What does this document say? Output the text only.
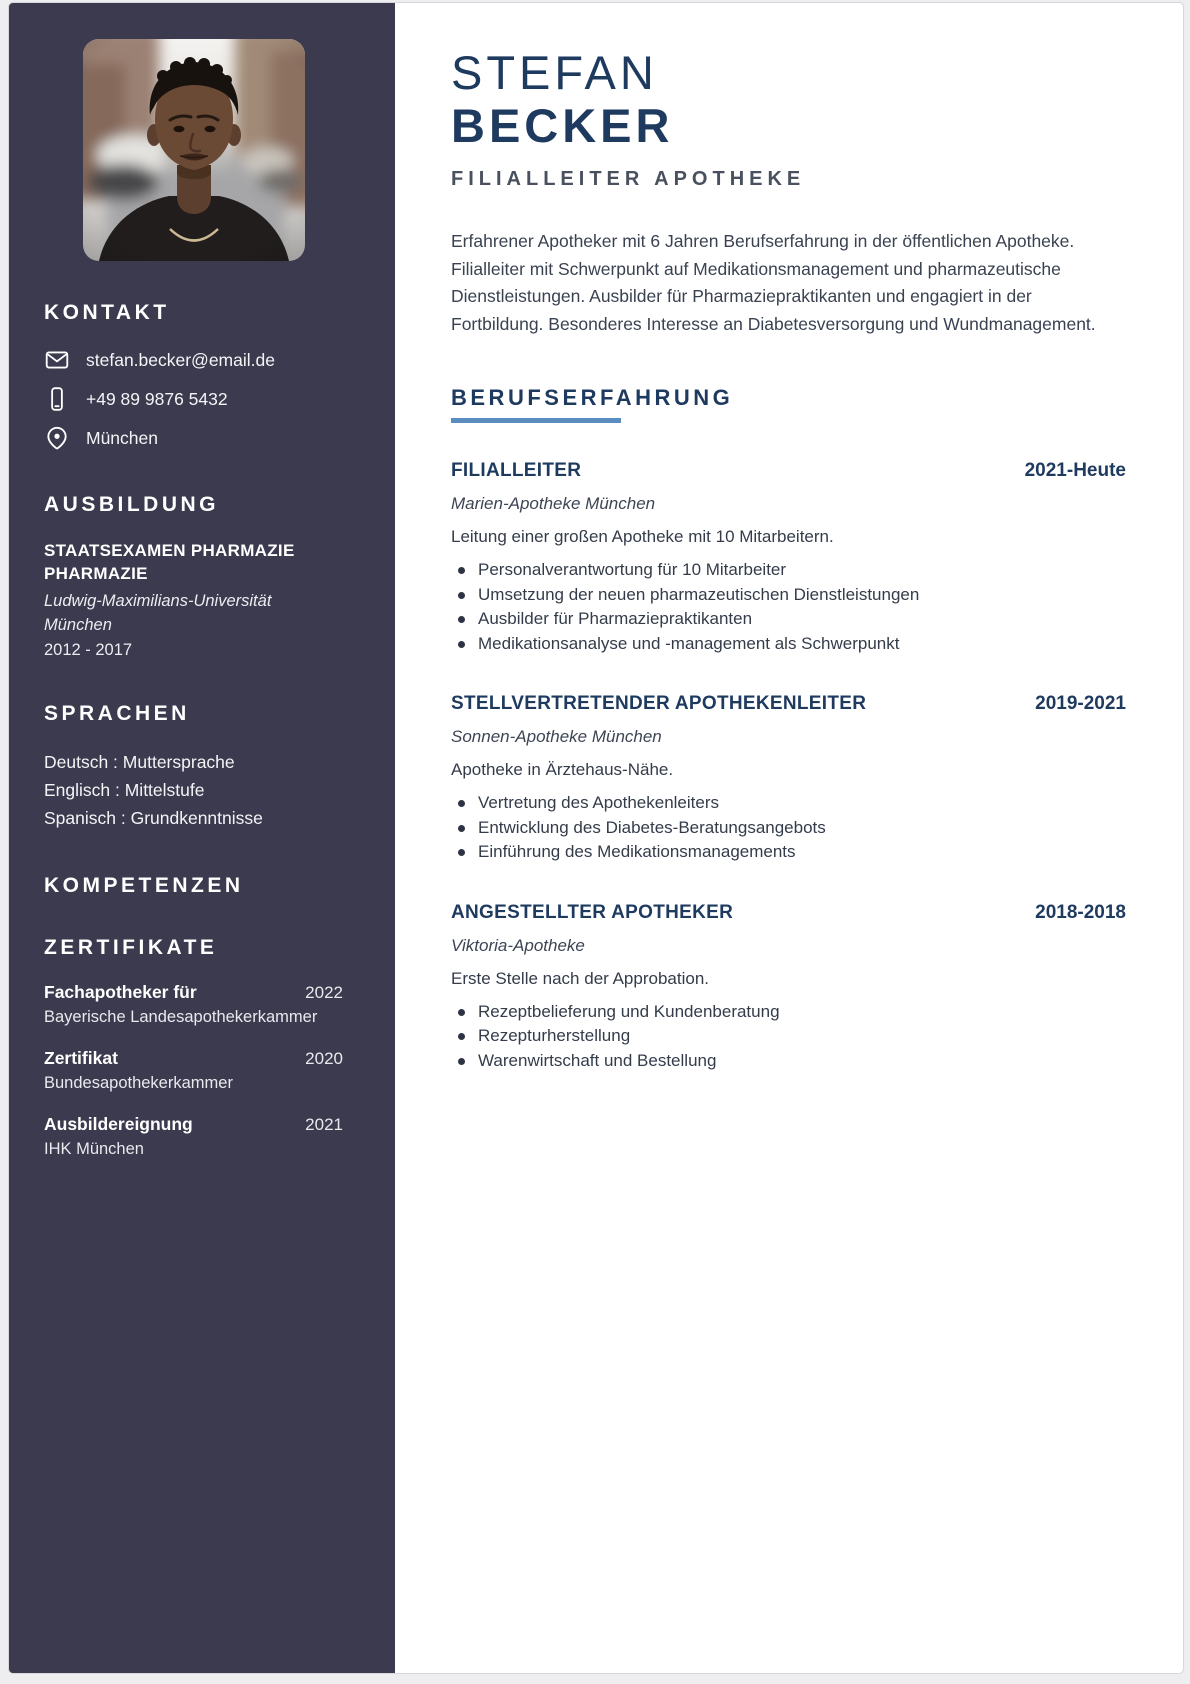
KONTAKT
stefan.becker@email.de
+49 89 9876 5432
München
AUSBILDUNG

STAATSEXAMEN PHARMAZIE PHARMAZIE

Ludwig-Maximilians-Universität München

2012 - 2017
SPRACHEN
Deutsch : Muttersprache
Englisch : Mittelstufe
Spanisch : Grundkenntnisse
KOMPETENZEN
ZERTIFIKATE
Fachapotheker für	2022
Bayerische Landesapothekerkammer
Zertifikat	2020
Bundesapothekerkammer
Ausbildereignung	2021
IHK München
STEFAN
BECKER
FILIALLEITER APOTHEKE

Erfahrener Apotheker mit 6 Jahren Berufserfahrung in der öffentlichen Apotheke. Filialleiter mit Schwerpunkt auf Medikationsmanagement und pharmazeutische Dienstleistungen. Ausbilder für Pharmaziepraktikanten und engagiert in der Fortbildung. Besonderes Interesse an Diabetesversorgung und Wundmanagement.

BERUFSERFAHRUNG
FILIALLEITER	2021-Heute
Marien-Apotheke München
Leitung einer großen Apotheke mit 10 Mitarbeitern.
Personalverantwortung für 10 Mitarbeiter
Umsetzung der neuen pharmazeutischen Dienstleistungen
Ausbilder für Pharmaziepraktikanten
Medikationsanalyse und -management als Schwerpunkt
STELLVERTRETENDER APOTHEKENLEITER	2019-2021
Sonnen-Apotheke München
Apotheke in Ärztehaus-Nähe.
Vertretung des Apothekenleiters
Entwicklung des Diabetes-Beratungsangebots
Einführung des Medikationsmanagements
ANGESTELLTER APOTHEKER	2018-2018
Viktoria-Apotheke
Erste Stelle nach der Approbation.
Rezeptbelieferung und Kundenberatung
Rezepturherstellung
Warenwirtschaft und Bestellung
